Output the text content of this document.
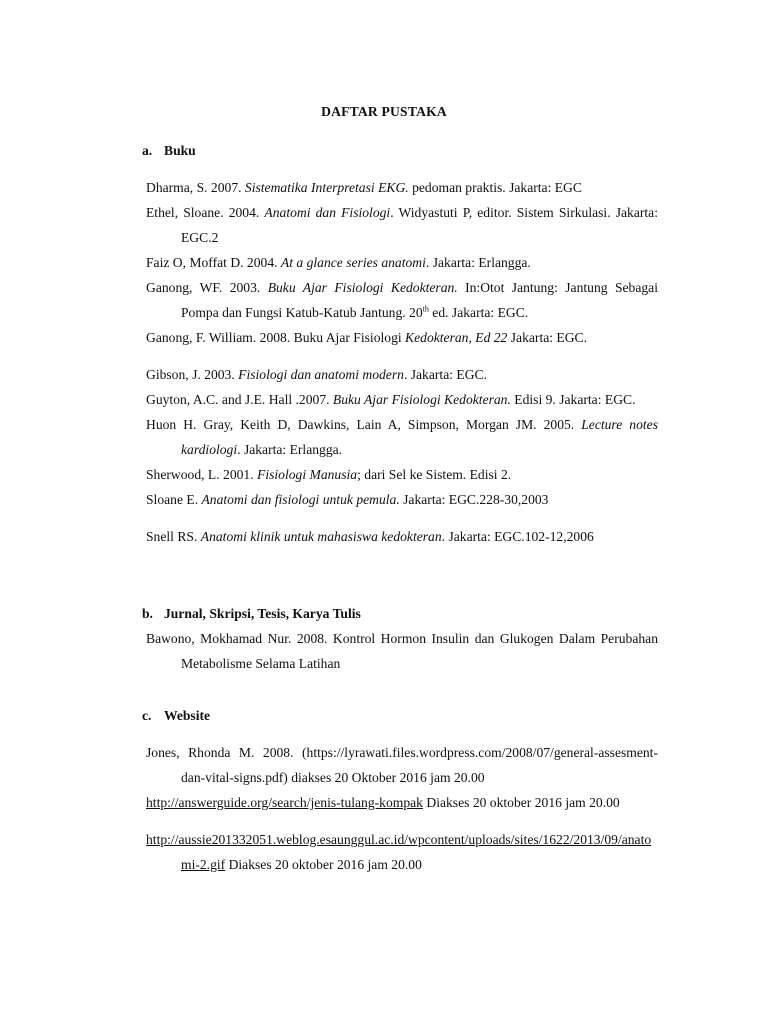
DAFTAR PUSTAKA
a. Buku

Dharma, S. 2007. Sistematika Interpretasi EKG. pedoman praktis. Jakarta: EGC

Ethel, Sloane. 2004. Anatomi dan Fisiologi. Widyastuti P, editor. Sistem Sirkulasi. Jakarta: EGC.2

Faiz O, Moffat D. 2004. At a glance series anatomi. Jakarta: Erlangga.

Ganong, WF. 2003. Buku Ajar Fisiologi Kedokteran. In:Otot Jantung: Jantung Sebagai Pompa dan Fungsi Katub-Katub Jantung. 20th ed. Jakarta: EGC.

Ganong, F. William. 2008. Buku Ajar Fisiologi Kedokteran, Ed 22 Jakarta: EGC.

Gibson, J. 2003. Fisiologi dan anatomi modern. Jakarta: EGC.

Guyton, A.C. and J.E. Hall .2007. Buku Ajar Fisiologi Kedokteran. Edisi 9. Jakarta: EGC.

Huon H. Gray, Keith D, Dawkins, Lain A, Simpson, Morgan JM. 2005. Lecture notes kardiologi. Jakarta: Erlangga.

Sherwood, L. 2001. Fisiologi Manusia; dari Sel ke Sistem. Edisi 2.

Sloane E. Anatomi dan fisiologi untuk pemula. Jakarta: EGC.228-30,2003

Snell RS. Anatomi klinik untuk mahasiswa kedokteran. Jakarta: EGC.102-12,2006

b. Jurnal, Skripsi, Tesis, Karya Tulis

Bawono, Mokhamad Nur. 2008. Kontrol Hormon Insulin dan Glukogen Dalam Perubahan Metabolisme Selama Latihan

c. Website

Jones, Rhonda M. 2008. (https://lyrawati.files.wordpress.com/2008/07/general-assesment-dan-vital-signs.pdf) diakses 20 Oktober 2016 jam 20.00

http://answerguide.org/search/jenis-tulang-kompak Diakses 20 oktober 2016 jam 20.00

http://aussie201332051.weblog.esaunggul.ac.id/wpcontent/uploads/sites/1622/2013/09/anatomi-2.gif Diakses 20 oktober 2016 jam 20.00
